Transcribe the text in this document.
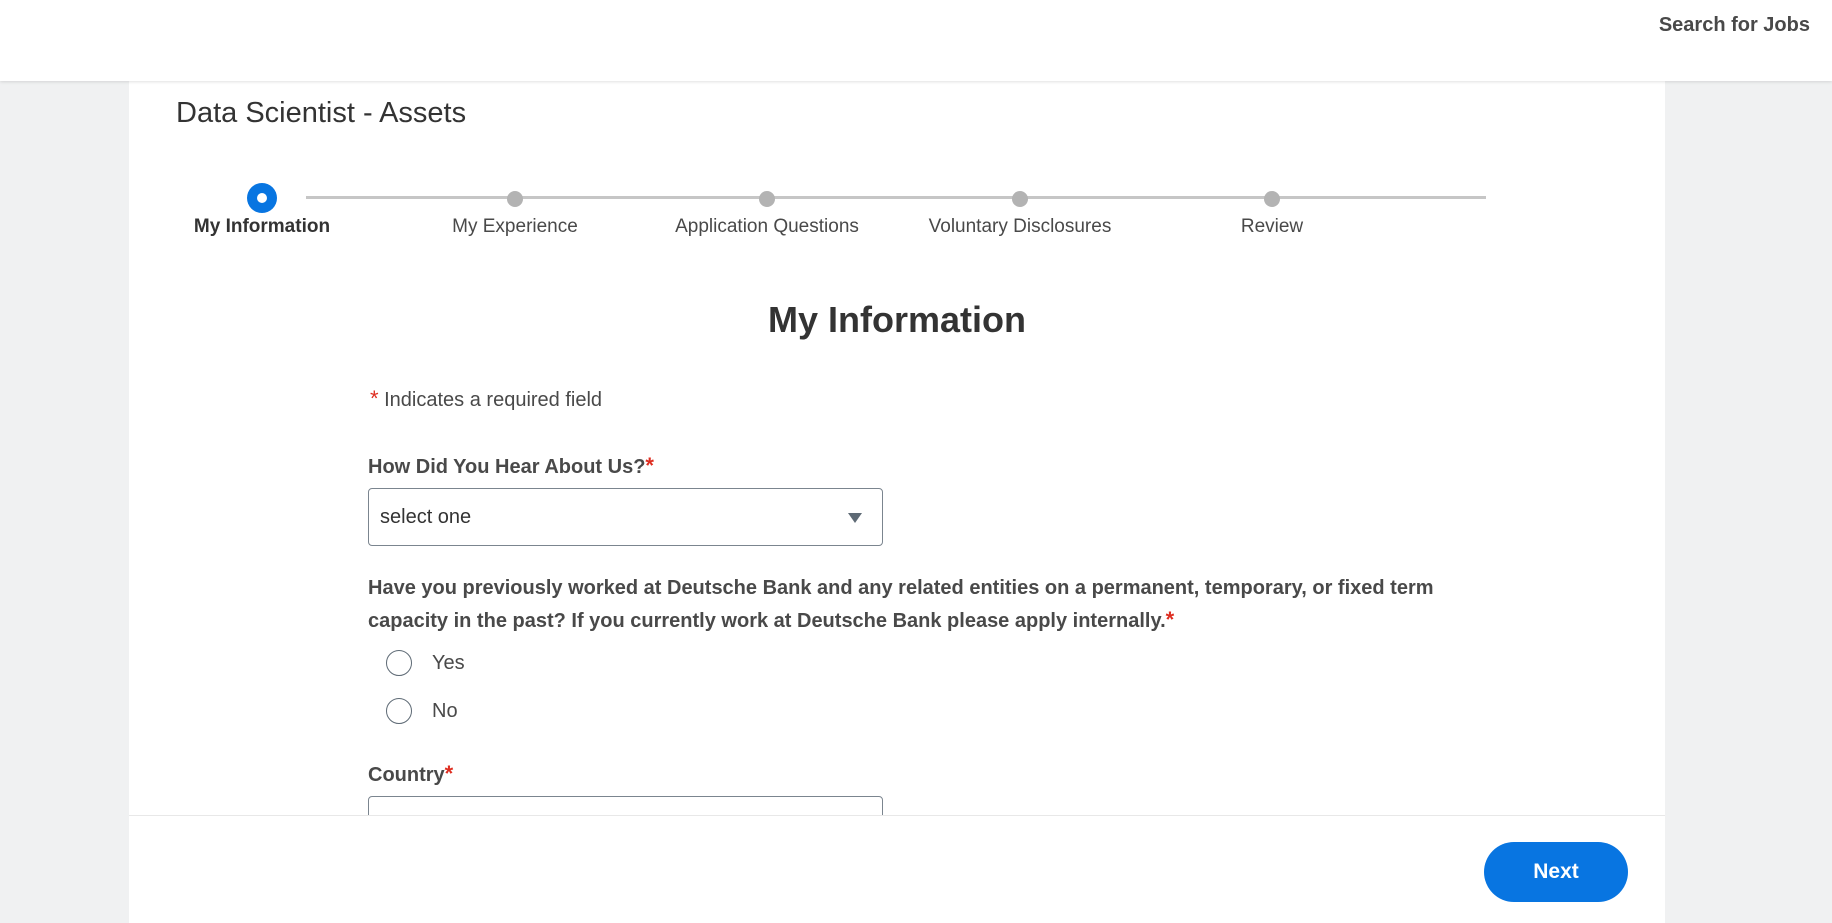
Search for Jobs
Data Scientist - Assets
My Information	My Experience	Application Questions	Voluntary Disclosures	Review
My Information
* Indicates a required field
How Did You Hear About Us?*
select one
Have you previously worked at Deutsche Bank and any related entities on a permanent, temporary, or fixed term capacity in the past? If you currently work at Deutsche Bank please apply internally.*
Yes
No
Country*
Next
